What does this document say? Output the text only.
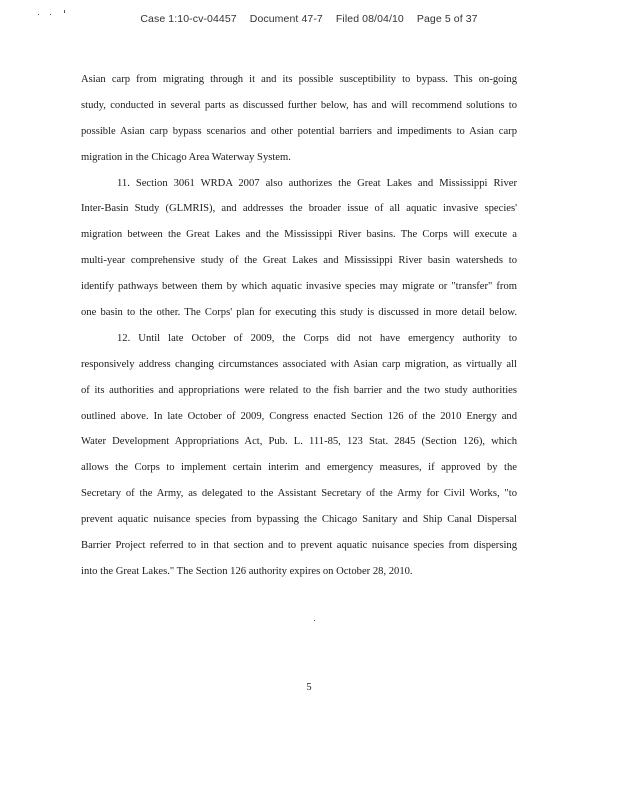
Case 1:10-cv-04457 Document 47-7 Filed 08/04/10 Page 5 of 37
Asian carp from migrating through it and its possible susceptibility to bypass. This on-going
study, conducted in several parts as discussed further below, has and will recommend solutions to
possible Asian carp bypass scenarios and other potential barriers and impediments to Asian carp
migration in the Chicago Area Waterway System.
11. Section 3061 WRDA 2007 also authorizes the Great Lakes and Mississippi River
Inter-Basin Study (GLMRIS), and addresses the broader issue of all aquatic invasive species'
migration between the Great Lakes and the Mississippi River basins. The Corps will execute a
multi-year comprehensive study of the Great Lakes and Mississippi River basin watersheds to
identify pathways between them by which aquatic invasive species may migrate or "transfer" from
one basin to the other. The Corps' plan for executing this study is discussed in more detail below.
12. Until late October of 2009, the Corps did not have emergency authority to
responsively address changing circumstances associated with Asian carp migration, as virtually all
of its authorities and appropriations were related to the fish barrier and the two study authorities
outlined above. In late October of 2009, Congress enacted Section 126 of the 2010 Energy and
Water Development Appropriations Act, Pub. L. 111-85, 123 Stat. 2845 (Section 126), which
allows the Corps to implement certain interim and emergency measures, if approved by the
Secretary of the Army, as delegated to the Assistant Secretary of the Army for Civil Works, "to
prevent aquatic nuisance species from bypassing the Chicago Sanitary and Ship Canal Dispersal
Barrier Project referred to in that section and to prevent aquatic nuisance species from dispersing
into the Great Lakes." The Section 126 authority expires on October 28, 2010.
5
